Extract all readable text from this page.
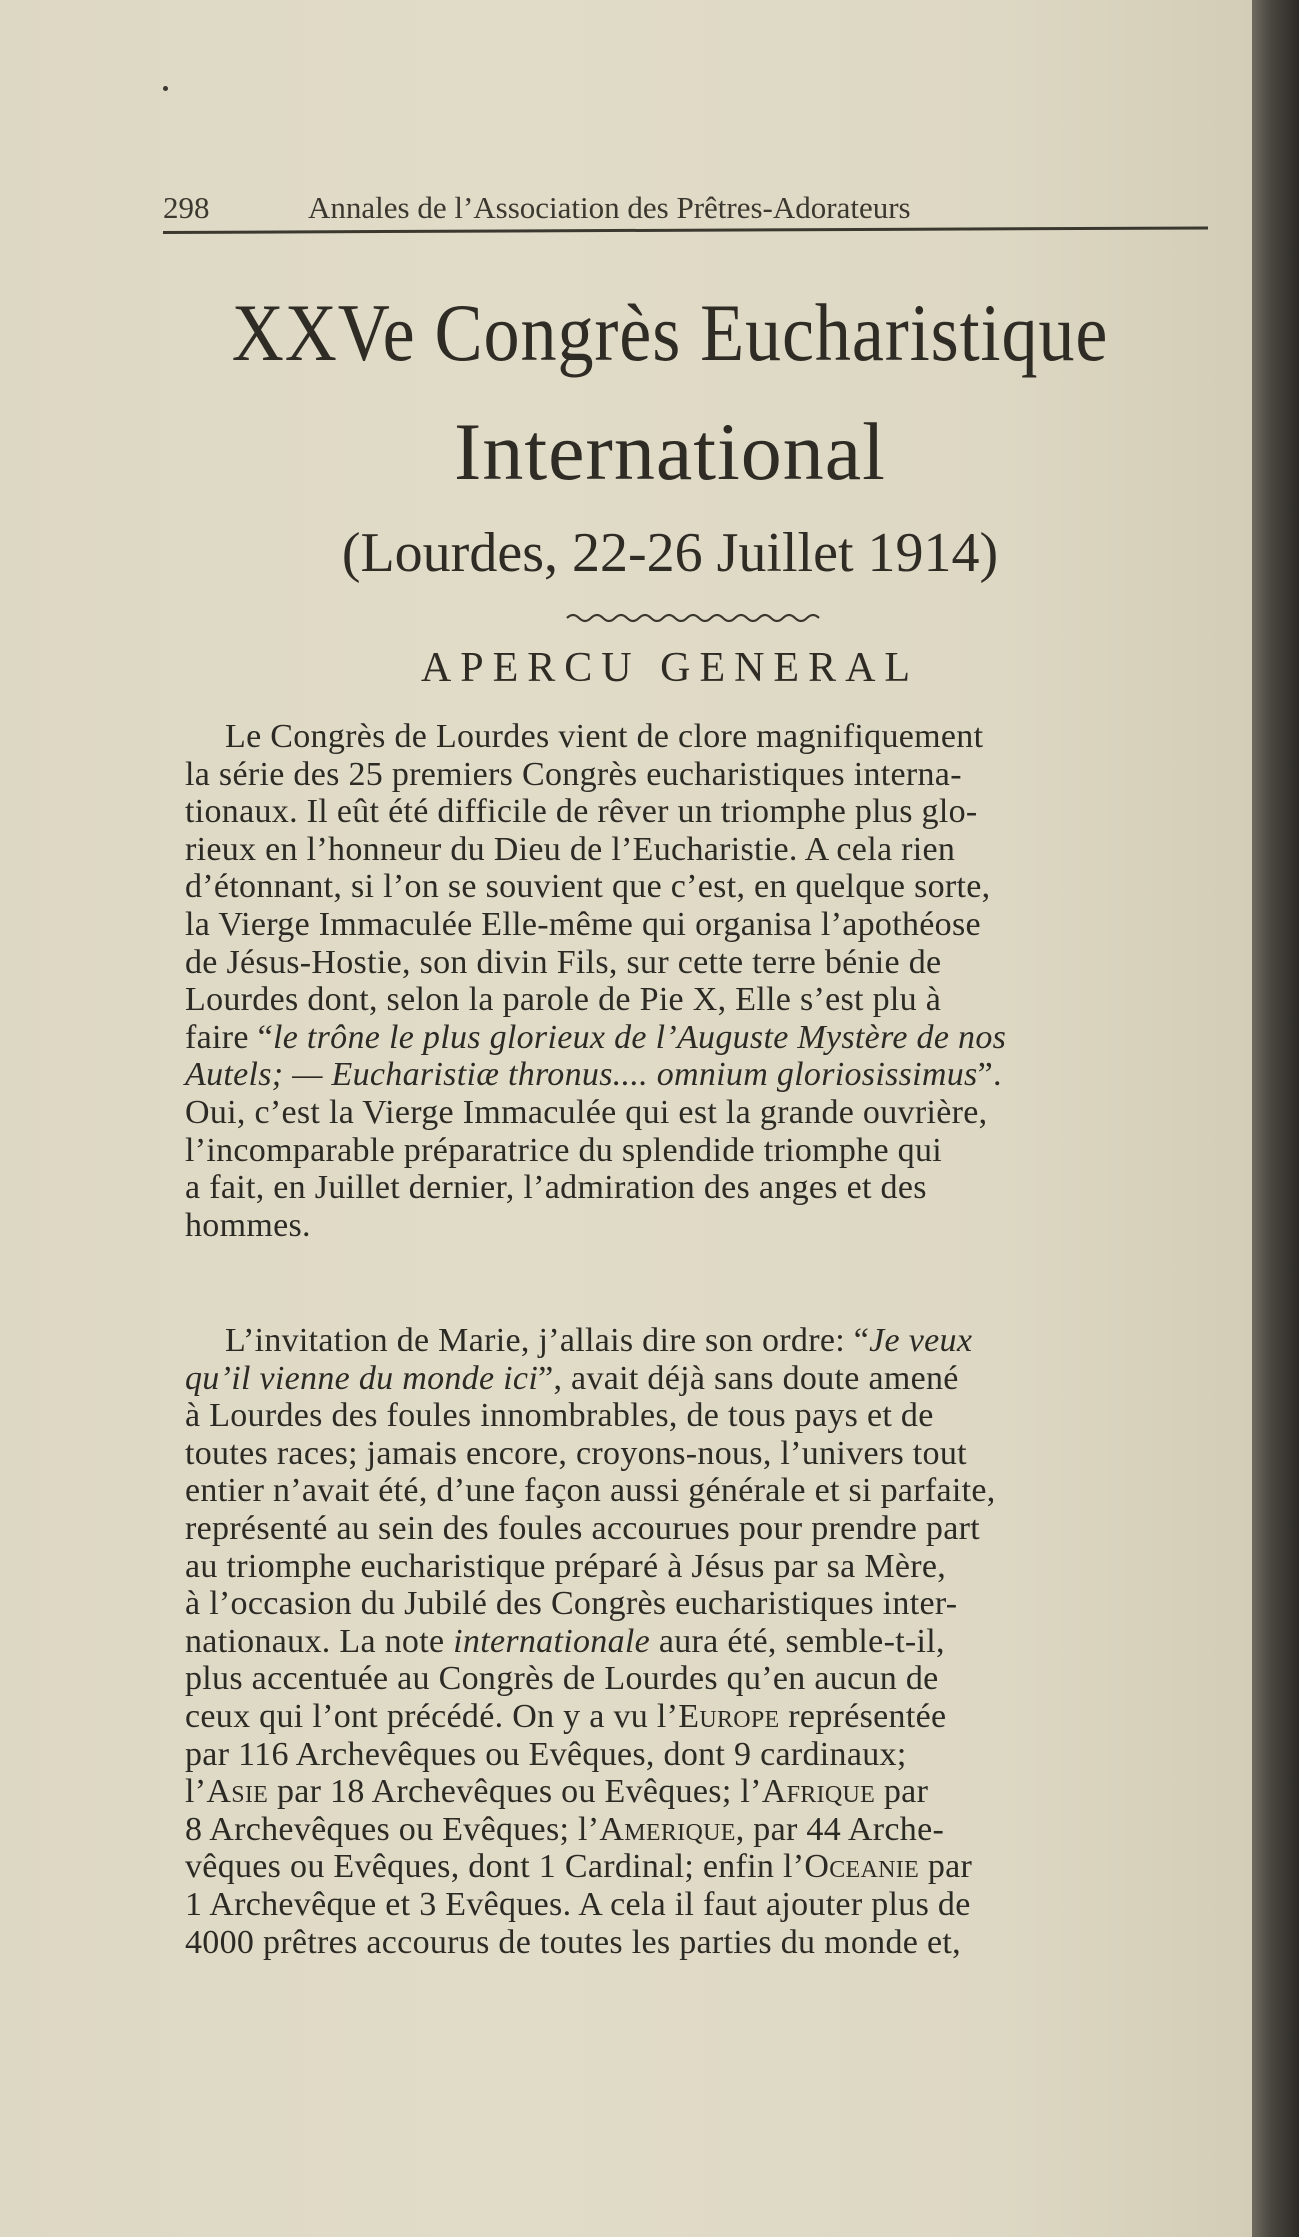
298	Annales de l’Association des Prêtres-Adorateurs
XXVe Congrès Eucharistique
International
(Lourdes, 22-26 Juillet 1914)
APERCU GENERAL
Le Congrès de Lourdes vient de clore magnifiquement
la série des 25 premiers Congrès eucharistiques interna-
tionaux. Il eût été difficile de rêver un triomphe plus glo-
rieux en l’honneur du Dieu de l’Eucharistie. A cela rien
d’étonnant, si l’on se souvient que c’est, en quelque sorte,
la Vierge Immaculée Elle-même qui organisa l’apothéose
de Jésus-Hostie, son divin Fils, sur cette terre bénie de
Lourdes dont, selon la parole de Pie X, Elle s’est plu à
faire “le trône le plus glorieux de l’Auguste Mystère de nos
Autels; — Eucharistiæ thronus.... omnium gloriosissimus”.
Oui, c’est la Vierge Immaculée qui est la grande ouvrière,
l’incomparable préparatrice du splendide triomphe qui
a fait, en Juillet dernier, l’admiration des anges et des
hommes.
L’invitation de Marie, j’allais dire son ordre: “Je veux
qu’il vienne du monde ici”, avait déjà sans doute amené
à Lourdes des foules innombrables, de tous pays et de
toutes races; jamais encore, croyons-nous, l’univers tout
entier n’avait été, d’une façon aussi générale et si parfaite,
représenté au sein des foules accourues pour prendre part
au triomphe eucharistique préparé à Jésus par sa Mère,
à l’occasion du Jubilé des Congrès eucharistiques inter-
nationaux. La note internationale aura été, semble-t-il,
plus accentuée au Congrès de Lourdes qu’en aucun de
ceux qui l’ont précédé. On y a vu l’Europe représentée
par 116 Archevêques ou Evêques, dont 9 cardinaux;
l’Asie par 18 Archevêques ou Evêques; l’Afrique par
8 Archevêques ou Evêques; l’Amerique, par 44 Arche-
vêques ou Evêques, dont 1 Cardinal; enfin l’Oceanie par
1 Archevêque et 3 Evêques. A cela il faut ajouter plus de
4000 prêtres accourus de toutes les parties du monde et,
